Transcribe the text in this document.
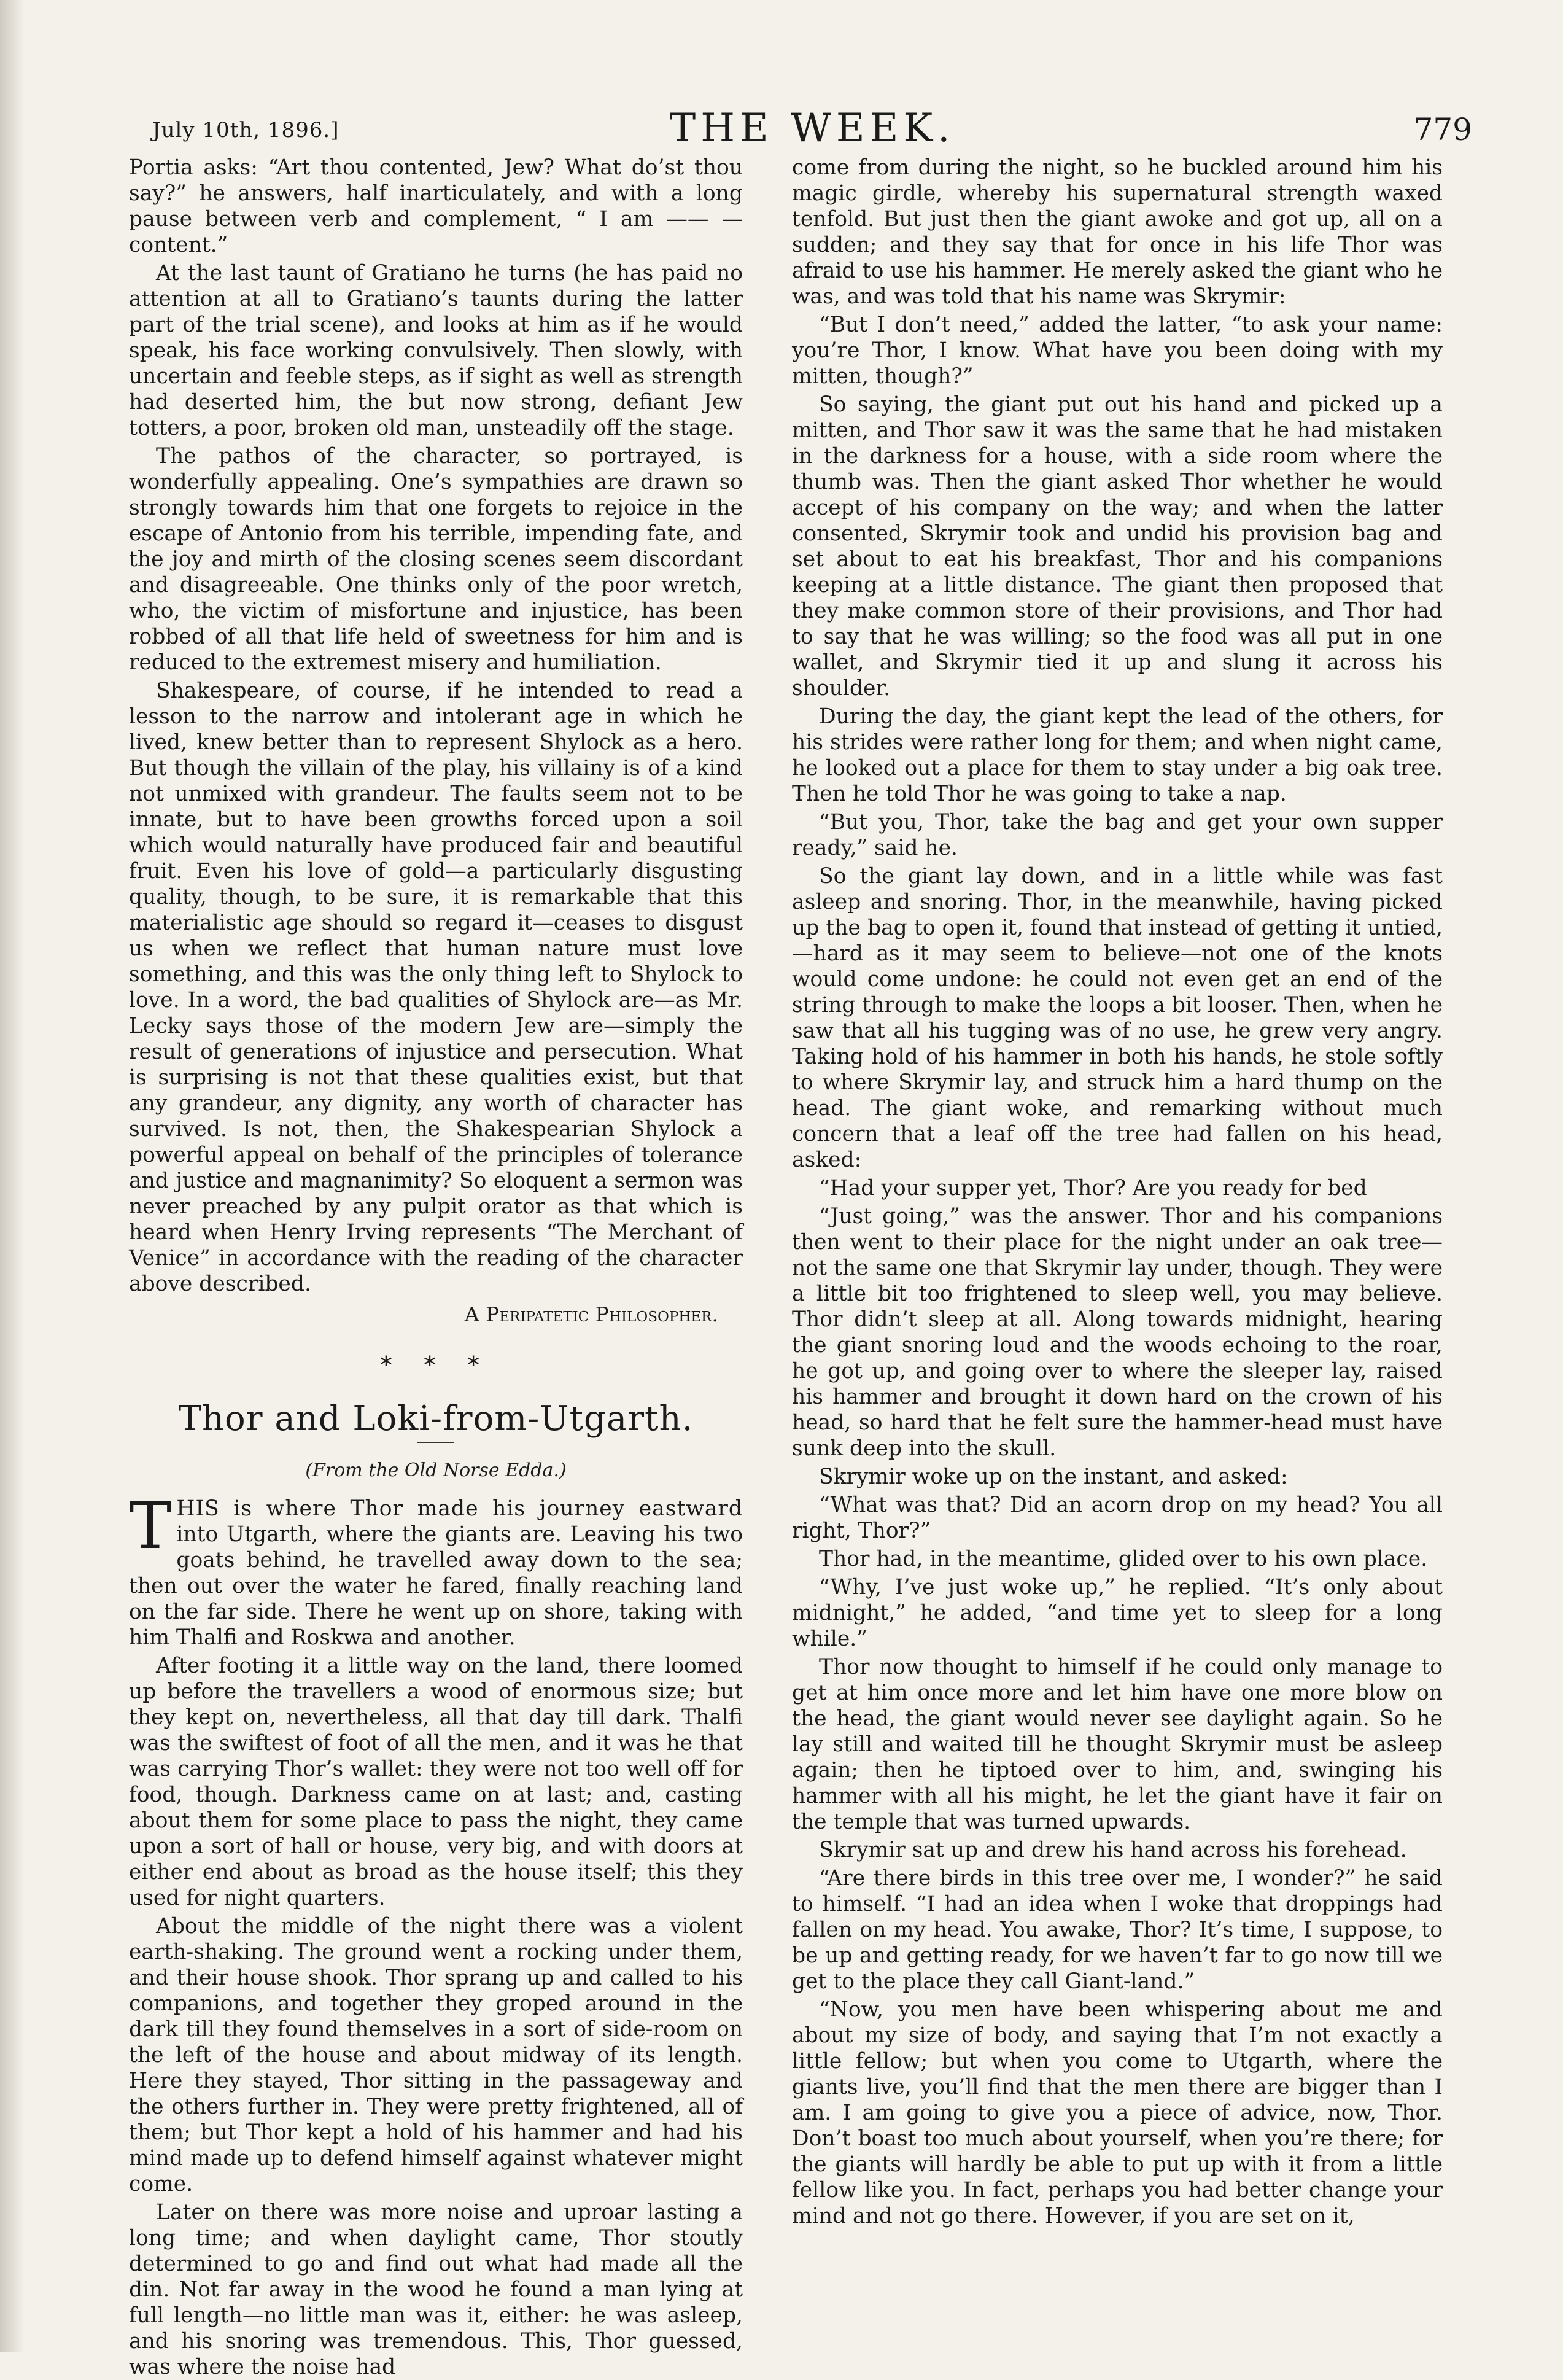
July 10th, 1896.]	THE WEEK.	779

Portia asks: “Art thou contented, Jew? What do’st thou say?” he answers, half inarticulately, and with a long pause between verb and complement, “ I am —— —content.”

At the last taunt of Gratiano he turns (he has paid no attention at all to Gratiano’s taunts during the latter part of the trial scene), and looks at him as if he would speak, his face working convulsively. Then slowly, with uncertain and feeble steps, as if sight as well as strength had deserted him, the but now strong, defiant Jew totters, a poor, broken old man, unsteadily off the stage.

The pathos of the character, so portrayed, is wonderfully appealing. One’s sympathies are drawn so strongly towards him that one forgets to rejoice in the escape of Antonio from his terrible, impending fate, and the joy and mirth of the closing scenes seem discordant and disagreeable. One thinks only of the poor wretch, who, the victim of misfortune and injustice, has been robbed of all that life held of sweetness for him and is reduced to the extremest misery and humiliation.

Shakespeare, of course, if he intended to read a lesson to the narrow and intolerant age in which he lived, knew better than to represent Shylock as a hero. But though the villain of the play, his villainy is of a kind not unmixed with grandeur. The faults seem not to be innate, but to have been growths forced upon a soil which would naturally have produced fair and beautiful fruit. Even his love of gold—a particularly disgusting quality, though, to be sure, it is remarkable that this materialistic age should so regard it—ceases to disgust us when we reflect that human nature must love something, and this was the only thing left to Shylock to love. In a word, the bad qualities of Shylock are—as Mr. Lecky says those of the modern Jew are—simply the result of generations of injustice and persecution. What is surprising is not that these qualities exist, but that any grandeur, any dignity, any worth of character has survived. Is not, then, the Shakespearian Shylock a powerful appeal on behalf of the principles of tolerance and justice and magnanimity? So eloquent a sermon was never preached by any pulpit orator as that which is heard when Henry Irving represents “The Merchant of Venice” in accordance with the reading of the character above described.

A Peripatetic Philosopher.
* * *
Thor and Loki-from-Utgarth.
(From the Old Norse Edda.)

THIS is where Thor made his journey eastward into Utgarth, where the giants are. Leaving his two goats behind, he travelled away down to the sea; then out over the water he fared, finally reaching land on the far side. There he went up on shore, taking with him Thalfi and Roskwa and another.

After footing it a little way on the land, there loomed up before the travellers a wood of enormous size; but they kept on, nevertheless, all that day till dark. Thalfi was the swiftest of foot of all the men, and it was he that was carrying Thor’s wallet: they were not too well off for food, though. Darkness came on at last; and, casting about them for some place to pass the night, they came upon a sort of hall or house, very big, and with doors at either end about as broad as the house itself; this they used for night quarters.

About the middle of the night there was a violent earth-shaking. The ground went a rocking under them, and their house shook. Thor sprang up and called to his companions, and together they groped around in the dark till they found themselves in a sort of side-room on the left of the house and about midway of its length. Here they stayed, Thor sitting in the passageway and the others further in. They were pretty frightened, all of them; but Thor kept a hold of his hammer and had his mind made up to defend himself against whatever might come.

Later on there was more noise and uproar lasting a long time; and when daylight came, Thor stoutly determined to go and find out what had made all the din. Not far away in the wood he found a man lying at full length—no little man was it, either: he was asleep, and his snoring was tremendous. This, Thor guessed, was where the noise had

come from during the night, so he buckled around him his magic girdle, whereby his supernatural strength waxed tenfold. But just then the giant awoke and got up, all on a sudden; and they say that for once in his life Thor was afraid to use his hammer. He merely asked the giant who he was, and was told that his name was Skrymir:

“But I don’t need,” added the latter, “to ask your name: you’re Thor, I know. What have you been doing with my mitten, though?”

So saying, the giant put out his hand and picked up a mitten, and Thor saw it was the same that he had mistaken in the darkness for a house, with a side room where the thumb was. Then the giant asked Thor whether he would accept of his company on the way; and when the latter consented, Skrymir took and undid his provision bag and set about to eat his breakfast, Thor and his companions keeping at a little distance. The giant then proposed that they make common store of their provisions, and Thor had to say that he was willing; so the food was all put in one wallet, and Skrymir tied it up and slung it across his shoulder.

During the day, the giant kept the lead of the others, for his strides were rather long for them; and when night came, he looked out a place for them to stay under a big oak tree. Then he told Thor he was going to take a nap.

“But you, Thor, take the bag and get your own supper ready,” said he.

So the giant lay down, and in a little while was fast asleep and snoring. Thor, in the meanwhile, having picked up the bag to open it, found that instead of getting it untied, —hard as it may seem to believe—not one of the knots would come undone: he could not even get an end of the string through to make the loops a bit looser. Then, when he saw that all his tugging was of no use, he grew very angry. Taking hold of his hammer in both his hands, he stole softly to where Skrymir lay, and struck him a hard thump on the head. The giant woke, and remarking without much concern that a leaf off the tree had fallen on his head, asked:

“Had your supper yet, Thor? Are you ready for bed

“Just going,” was the answer. Thor and his companions then went to their place for the night under an oak tree—not the same one that Skrymir lay under, though. They were a little bit too frightened to sleep well, you may believe. Thor didn’t sleep at all. Along towards midnight, hearing the giant snoring loud and the woods echoing to the roar, he got up, and going over to where the sleeper lay, raised his hammer and brought it down hard on the crown of his head, so hard that he felt sure the hammer-head must have sunk deep into the skull.

Skrymir woke up on the instant, and asked:

“What was that? Did an acorn drop on my head? You all right, Thor?”

Thor had, in the meantime, glided over to his own place.

“Why, I’ve just woke up,” he replied. “It’s only about midnight,” he added, “and time yet to sleep for a long while.”

Thor now thought to himself if he could only manage to get at him once more and let him have one more blow on the head, the giant would never see daylight again. So he lay still and waited till he thought Skrymir must be asleep again; then he tiptoed over to him, and, swinging his hammer with all his might, he let the giant have it fair on the temple that was turned upwards.

Skrymir sat up and drew his hand across his forehead.

“Are there birds in this tree over me, I wonder?” he said to himself. “I had an idea when I woke that droppings had fallen on my head. You awake, Thor? It’s time, I suppose, to be up and getting ready, for we haven’t far to go now till we get to the place they call Giant-land.”

“Now, you men have been whispering about me and about my size of body, and saying that I’m not exactly a little fellow; but when you come to Utgarth, where the giants live, you’ll find that the men there are bigger than I am. I am going to give you a piece of advice, now, Thor. Don’t boast too much about yourself, when you’re there; for the giants will hardly be able to put up with it from a little fellow like you. In fact, perhaps you had better change your mind and not go there. However, if you are set on it,
